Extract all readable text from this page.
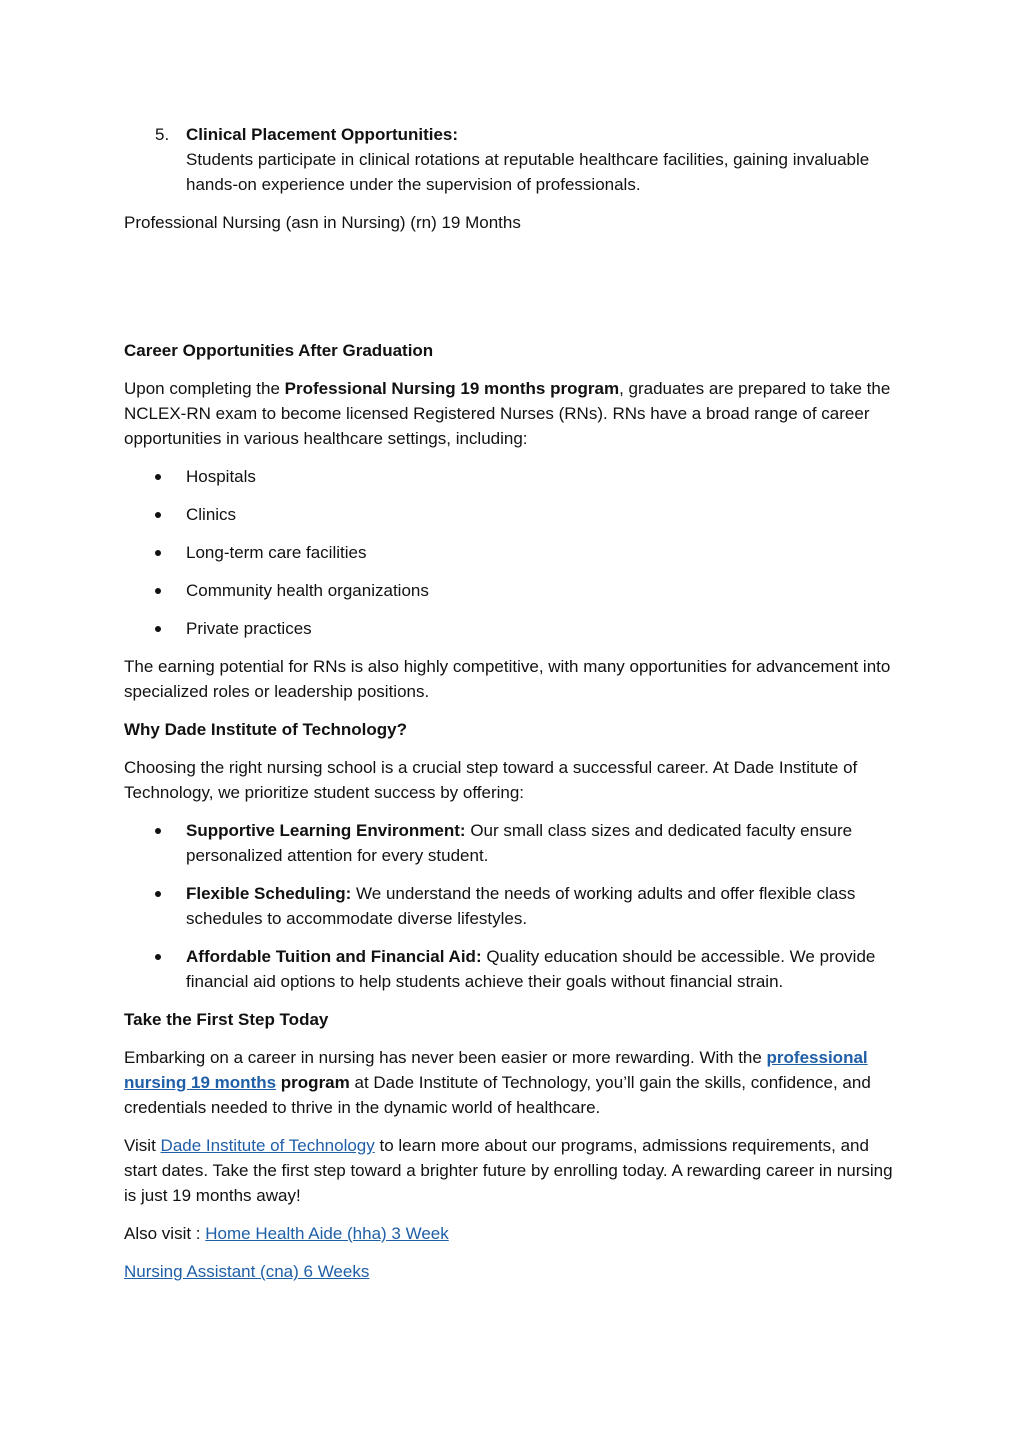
5. Clinical Placement Opportunities:
Students participate in clinical rotations at reputable healthcare facilities, gaining invaluable hands-on experience under the supervision of professionals.

Professional Nursing (asn in Nursing) (rn) 19 Months

Career Opportunities After Graduation

Upon completing the Professional Nursing 19 months program, graduates are prepared to take the NCLEX-RN exam to become licensed Registered Nurses (RNs). RNs have a broad range of career opportunities in various healthcare settings, including:

Hospitals
Clinics
Long-term care facilities
Community health organizations
Private practices

The earning potential for RNs is also highly competitive, with many opportunities for advancement into specialized roles or leadership positions.

Why Dade Institute of Technology?

Choosing the right nursing school is a crucial step toward a successful career. At Dade Institute of Technology, we prioritize student success by offering:

Supportive Learning Environment: Our small class sizes and dedicated faculty ensure personalized attention for every student.
Flexible Scheduling: We understand the needs of working adults and offer flexible class schedules to accommodate diverse lifestyles.
Affordable Tuition and Financial Aid: Quality education should be accessible. We provide financial aid options to help students achieve their goals without financial strain.

Take the First Step Today

Embarking on a career in nursing has never been easier or more rewarding. With the professional nursing 19 months program at Dade Institute of Technology, you’ll gain the skills, confidence, and credentials needed to thrive in the dynamic world of healthcare.

Visit Dade Institute of Technology to learn more about our programs, admissions requirements, and start dates. Take the first step toward a brighter future by enrolling today. A rewarding career in nursing is just 19 months away!

Also visit : Home Health Aide (hha) 3 Week

Nursing Assistant (cna) 6 Weeks
